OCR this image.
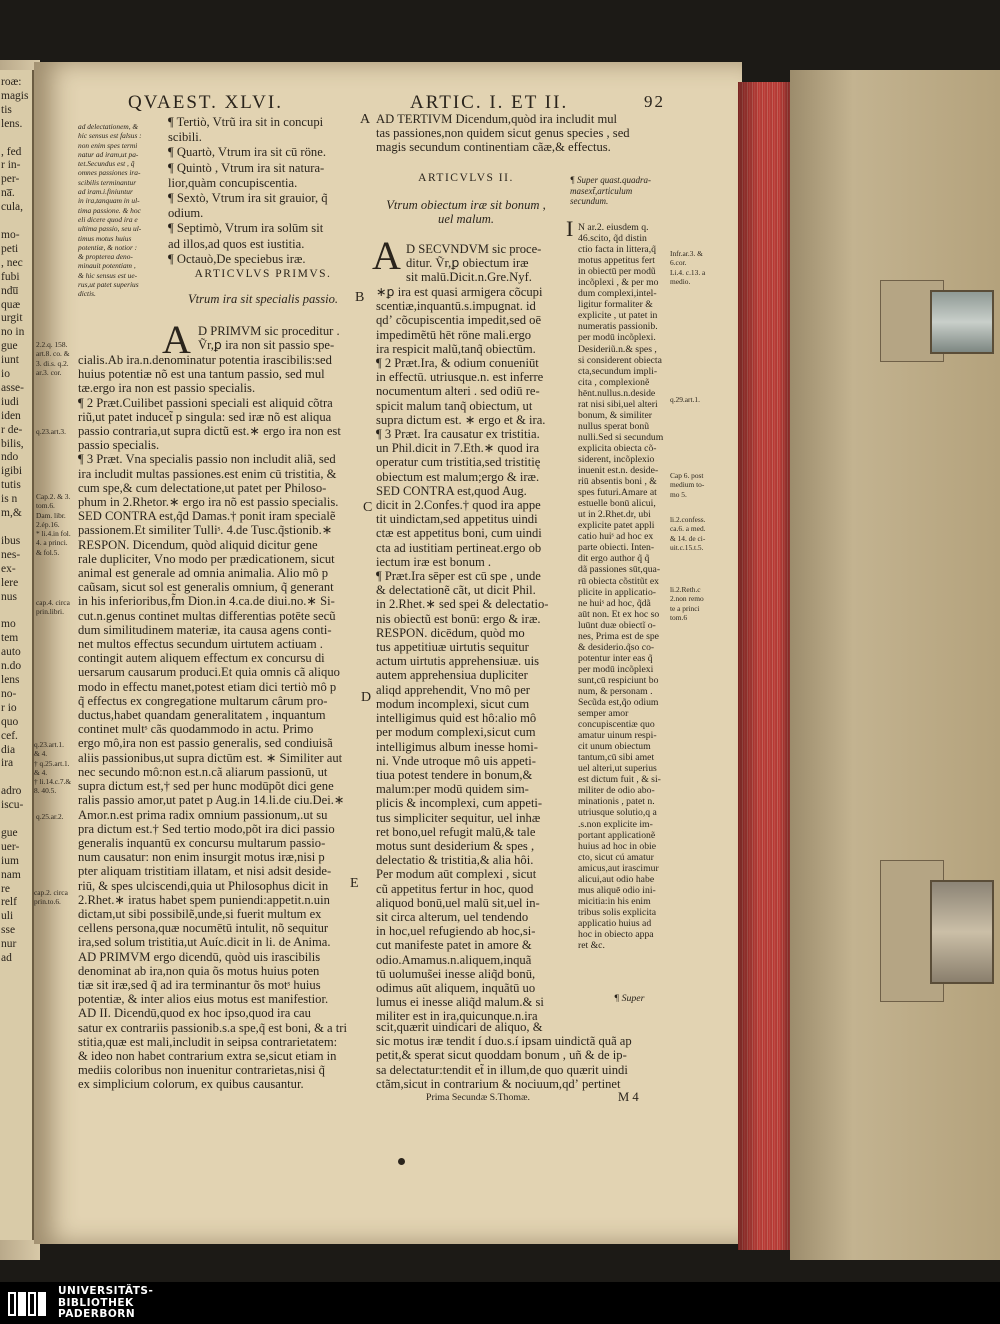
roæ:
magis
tis
lens.

, fed
r in-
per-
na̅.
cula,

mo-
peti
, nec
fubi
ndu̅
quæ
urgit
no in
gue
iunt
io
asse-
iudi
iden
r de-
bilis,
ndo
igibi
tutis
is n
m,&

ibus
nes-
ex-
lere
nus

mo
tem
auto
n.do
lens
no-
r io
quo
cef.
dia
ira

adro
iscu-

gue
uer-
ium
nam
re
relf
uli
sse
nur
ad
QVAEST. XLVI.	ARTIC. I. ET II.	92
ad delectationem, &
hic sensus est falsus :
non enim spes termi
natur ad iram,ut pa-
tet.Secundus est , q̃
omnes passiones ira-
scibilis terminantur
ad iram.i.finiuntur
in ira,tanquam in ul-
tima passione. & hoc
eli dicere quod ira e
ultima passio, seu ul-
timus motus huius
potentiæ, & notior :
& propterea deno-
minauit potentiam ,
& hic sensus est ue-
rus,ut patet superius
dictis.
2.2.q. 158.
art.8. co. &
3. di.s. q.2.
ar.3. cor.
q.23.art.3.
Cap.2. & 3.
tom.6.
Dam. libr.
2.ép.16.
* li.4.in fol.
4. a princi.
& fol.5.
cap.4. circa
prin.libri.
q.23.art.1.
& 4.
† q.25.art.1.
& 4.
† li.14.c.7.&
8. 40.5.
q.25.ar.2.
cap.2. circa
prin.to.6.
¶ Tertiò, Vtrũ ira sit in concupi
scibili.
¶ Quartò, Vtrum ira sit cū röne.
¶ Quintò , Vtrum ira sit natura-
lior,quàm concupiscentia.
¶ Sextò, Vtrum ira sit grauior, q̃
odium.
¶ Septimò, Vtrum ira solūm sit
ad illos,ad quos est iustitia.
¶ Octauò,De speciebus iræ.
ARTICVLVS PRIMVS.
Vtrum ira sit specialis passio.
A D PRIMVM sic proceditur .
Ṽr,ꝑ ira non sit passio spe-
cialis.Ab ira.n.denominatur potentia irascibilis:sed
huius potentiæ nõ est una tantum passio, sed mul
tæ.ergo ira non est passio specialis.
¶ 2 Præt.Cuilibet passioni speciali est aliquid cõtra
riũ,ut patet inducet̃ p singula: sed iræ nõ est aliqua
passio contraria,ut supra dictũ est.∗ ergo ira non est
passio specialis.
¶ 3 Præt. Vna specialis passio non includit aliã, sed
ira includit multas passiones.est enim cū tristitia, &
cum spe,& cum delectatione,ut patet per Philoso-
phum in 2.Rhetor.∗ ergo ira nõ est passio specialis.
SED CONTRA est,q̃d Damas.† ponit iram specialẽ
passionem.Et similiter Tulliˢ. 4.de Tusc.q̃stionib.∗
RESPON. Dicendum, quòd aliquid dicitur gene
rale dupliciter, Vno modo per prædicationem, sicut
animal est generale ad omnia animalia. Alio mô p
caũsam, sicut sol est generalis omnium, q̃ generant
in his inferioribus,f̃m Dion.in 4.ca.de diui.no.∗ Si-
cut.n.genus continet multas differentias potēte secũ
dum similitudinem materiæ, ita causa agens conti-
net multos effectus secundum uirtutem actiuam .
contingit autem aliquem effectum ex concursu di
uersarum causarum produci.Et quia omnis cã aliquo
modo in effectu manet,potest etiam dici tertiò mô p
q̃ effectus ex congregatione multarum cârum pro-
ductus,habet quandam generalitatem , inquantum
continet multˢ cãs quodammodo in actu. Primo
ergo mô,ira non est passio generalis, sed condiuisã
aliis passionibus,ut supra dictūm est. ∗ Similiter aut
nec secundo mô:non est.n.cã aliarum passionū, ut
supra dictum est,† sed per hunc modūpõt dici gene
ralis passio amor,ut patet p Aug.in 14.li.de ciu.Dei.∗
Amor.n.est prima radix omnium passionum,.ut su
pra dictum est.† Sed tertio modo,põt ira dici passio
generalis inquantū ex concursu multarum passio-
num causatur: non enim insurgit motus iræ,nisi p
pter aliquam tristitiam illatam, et nisi adsit deside-
riū, & spes ulciscendi,quia ut Philosophus dicit in
2.Rhet.∗ iratus habet spem puniendi:appetit.n.uin
dictam,ut sibi possibilẽ,unde,si fuerit multum ex
cellens persona,quæ nocumētū intulit, nõ sequitur
ira,sed solum tristitia,ut Auíc.dicit in li. de Anima.
AD PRIMVM ergo dicendū, quòd uis irascibilis
denominat ab ira,non quia õs motus huius poten
tiæ sit iræ,sed q̃ ad ira terminantur õs motˢ huius
potentiæ, & inter alios eius motus est manifestior.
AD II. Dicendū,quod ex hoc ipso,quod ira cau
satur ex contrariis passionib.s.a spe,q̃ est boni, & a tri
stitia,quæ est mali,includit in seipsa contrarietatem:
& ideo non habet contrarium extra se,sicut etiam in
mediis coloribus non inuenitur contrarietas,nisi q̃
ex simplicium colorum, ex quibus causantur.
A
B
C
D
E
AD TERTIVM Dicendum,quòd ira includit mul
tas passiones,non quidem sicut genus species , sed
magis secundum continentiam cãæ,& effectus.
ARTICVLVS II.
Vtrum obiectum iræ sit bonum ,
uel malum.
A D SECVNDVM sic proce-
ditur. Ṽr,ꝑ obiectum iræ
sit malū.Dicit.n.Gre.Nyf.
∗ꝑ ira est quasi armigera cõcupi
scentiæ,inquantū.s.impugnat. id
qdʼ cõcupiscentia impedit,sed oē
impedimẽtū hēt röne mali.ergo
ira respicit malũ,tanq̃ obiectūm.
¶ 2 Præt.Ira, & odium conueniūt
in effectū. utriusque.n. est inferre
nocumentum alteri . sed odiū re-
spicit malum tanq̃ obiectum, ut
supra dictum est. ∗ ergo et & ira.
¶ 3 Præt. Ira causatur ex tristitia.
un Phil.dicit in 7.Eth.∗ quod ira
operatur cum tristitia,sed tristitię
obiectum est malum;ergo & iræ.
SED CONTRA est,quod Aug.
dicit in 2.Confes.† quod ira appe
tit uindictam,sed appetitus uindi
ctæ est appetitus boni, cum uindi
cta ad iustitiam pertineat.ergo ob
iectum iræ est bonum .
¶ Præt.Ira sēper est cū spe , unde
& delectationẽ cãt, ut dicit Phil.
in 2.Rhet.∗ sed spei & delectatio-
nis obiectũ est bonū: ergo & iræ.
RESPON. dicēdum, quòd mo
tus appetitiuæ uirtutis sequitur
actum uirtutis apprehensiuæ. uis
autem apprehensiua dupliciter
aliqd apprehendit, Vno mô per
modum incomplexi, sicut cum
intelligimus quid est hô:alio mô
per modum complexi,sicut cum
intelligimus album inesse homi-
ni. Vnde utroque mô uis appeti-
tiua potest tendere in bonum,&
malum:per modū quidem sim-
plicis & incomplexi, cum appeti-
tus simpliciter sequitur, uel inhæ
ret bono,uel refugit malū,& tale
motus sunt desiderium & spes ,
delectatio & tristitia,& alia hôi.
Per modum aūt complexi , sicut
cũ appetitus fertur in hoc, quod
aliquod bonū,uel malū sit,uel in-
sit circa alterum, uel tendendo
in hoc,uel refugiendo ab hoc,si-
cut manifeste patet in amore &
odio.Amamus.n.aliquem,inquã
tū uolumus̃ei inesse aliq̃d bonū,
odimus aūt aliquem, inquãtū uo
lumus ei inesse aliq̃d malum.& si
militer est in ira,quicunque.n.ira
scit,quærit uindicari de aliquo, &
sic motus iræ tendit í duo.s.í ipsam uindictã quã ap
petit,& sperat sicut quoddam bonum , uñ & de ip-
sa delectatur:tendit et̃ in illum,de quo quærit uindi
ctãm,sicut in contrarium & nociuum,qdʼ pertinet
¶ Super quast.quadra-
masext̃,articulum
secundum.
I N ar.2. eiusdem q.
46.scito, q̃d distin
ctio facta in littera,q̃
motus appetitus fert
in obiectū per modũ
incõplexi , & per mo
dum complexi,intel-
ligitur formaliter &
explicite , ut patet in
numeratis passionib.
per modū incõplexi.
Desideriũ.n.& spes ,
si considerent obiecta
cta,secundum impli-
cita , complexionẽ
hēnt.nullus.n.deside
rat nisi sibi,uel alteri
bonum, & similiter
nullus sperat bonũ
nulli.Sed si secundum
explicita obiecta cõ-
siderent, incõplexio
inuenit est.n. deside-
riū absentis boni , &
spes futuri.Amare at
estuelle bonū alicui,
ut in 2.Rhet.dr, ubi
explicite patet appli
catio huiˢ ad hoc ex
parte obiecti. Inten-
dit ergo author q̃ q̃
dã passiones sūt,qua-
rū obiecta cõstitũt ex
plicite in applicatio-
ne huiˢ ad hoc, q̃dã
aūt non. Et ex hoc so
luūnt duæ obiectĩ o-
nes, Prima est de spe
& desiderio.q̃so co-
potentur inter eas q̃
per modū incõplexi
sunt,cū respiciunt bo
num, & personam .
Secũda est,q̃o odium
semper amor
concupiscentiæ quo
amatur uinum respi-
cit unum obiectum
tantum,cū sibi amet
uel alteri,ut superius
est dictum fuit , & si-
militer de odio abo-
minationis , patet n.
utriusque solutio,q a
.s.non explicite im-
portant applicationẽ
huius ad hoc in obie
cto, sicut cú amatur
amicus,aut irascimur
alicui,aut odio habe
mus aliquē odio ini-
micitia:in his enim
tribus solis explicita
applicatio huius ad
hoc in obiecto appa
ret &c.
¶ Super
Infr.ar.3. &
6.cor.
Li.4. c.13. a
medio.
q.29.art.1.
Cap 6. post
medium to-
mo 5.
li.2.confess.
ca.6. a med.
& 14. de ci-
uit.c.15.t.5.
li.2.Reth.c
2.non remo
te a princi
tom.6
Prima Secundæ S.Thomæ.	M 4
UNIVERSITÄTS-
BIBLIOTHEK
PADERBORN
